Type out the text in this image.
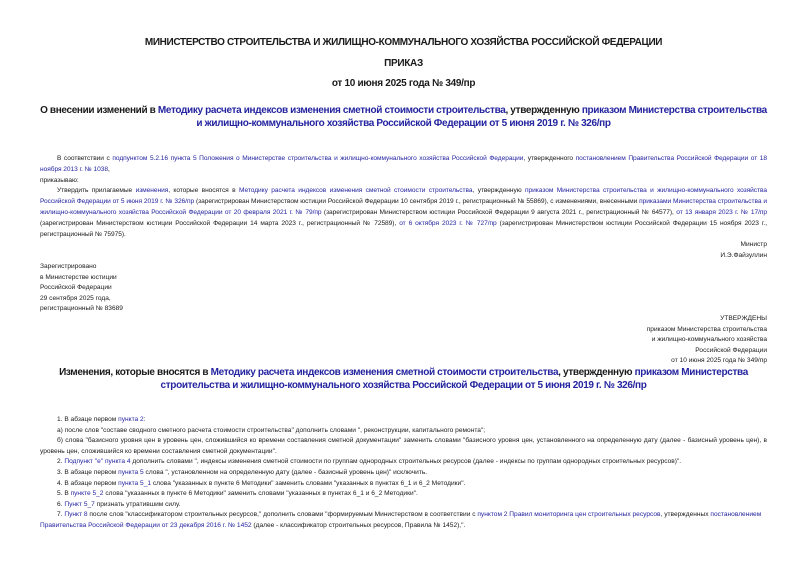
МИНИСТЕРСТВО СТРОИТЕЛЬСТВА И ЖИЛИЩНО-КОММУНАЛЬНОГО ХОЗЯЙСТВА РОССИЙСКОЙ ФЕДЕРАЦИИ
ПРИКАЗ
от 10 июня 2025 года № 349/пр
О внесении изменений в Методику расчета индексов изменения сметной стоимости строительства, утвержденную приказом Министерства строительства и жилищно-коммунального хозяйства Российской Федерации от 5 июня 2019 г. № 326/пр

В соответствии с подпунктом 5.2.16 пункта 5 Положения о Министерстве строительства и жилищно-коммунального хозяйства Российской Федерации, утвержденного постановлением Правительства Российской Федерации от 18 ноября 2013 г. № 1038,

приказываю:

Утвердить прилагаемые изменения, которые вносятся в Методику расчета индексов изменения сметной стоимости строительства, утвержденную приказом Министерства строительства и жилищно-коммунального хозяйства Российской Федерации от 5 июня 2019 г. № 326/пр (зарегистрирован Министерством юстиции Российской Федерации 10 сентября 2019 г., регистрационный № 55869), с изменениями, внесенными приказами Министерства строительства и жилищно-коммунального хозяйства Российской Федерации от 20 февраля 2021 г. № 79/пр (зарегистрирован Министерством юстиции Российской Федерации 9 августа 2021 г., регистрационный № 64577), от 13 января 2023 г. № 17/пр (зарегистрирован Министерством юстиции Российской Федерации 14 марта 2023 г., регистрационный № 72589), от 6 октября 2023 г. № 727/пр (зарегистрирован Министерством юстиции Российской Федерации 15 ноября 2023 г., регистрационный № 75975).

Министр
И.Э.Файзуллин
Зарегистрировано
в Министерстве юстиции
Российской Федерации
29 сентября 2025 года,
регистрационный № 83689
УТВЕРЖДЕНЫ
приказом Министерства строительства
и жилищно-коммунального хозяйства
Российской Федерации
от 10 июня 2025 года № 349/пр
Изменения, которые вносятся в Методику расчета индексов изменения сметной стоимости строительства, утвержденную приказом Министерства строительства и жилищно-коммунального хозяйства Российской Федерации от 5 июня 2019 г. № 326/пр

1. В абзаце первом пункта 2:

а) после слов "составе сводного сметного расчета стоимости строительства" дополнить словами ", реконструкции, капитального ремонта";

б) слова "базисного уровня цен в уровень цен, сложившийся ко времени составления сметной документации" заменить словами "базисного уровня цен, установленного на определенную дату (далее - базисный уровень цен), в уровень цен, сложившийся ко времени составления сметной документации".

2. Подпункт "е" пункта 4 дополнить словами ", индексы изменения сметной стоимости по группам однородных строительных ресурсов (далее - индексы по группам однородных строительных ресурсов)".

3. В абзаце первом пункта 5 слова ", установленном на определенную дату (далее - базисный уровень цен)" исключить.

4. В абзаце первом пункта 5_1 слова "указанных в пункте 6 Методики" заменить словами "указанных в пунктах 6_1 и 6_2 Методики".

5. В пункте 5_2 слова "указанных в пункте 6 Методики" заменить словами "указанных в пунктах 6_1 и 6_2 Методики".

6. Пункт 5_7 признать утратившим силу.

7. Пункт 8 после слов "классификатором строительных ресурсов," дополнить словами "формируемым Министерством в соответствии с пунктом 2 Правил мониторинга цен строительных ресурсов, утвержденных постановлением Правительства Российской Федерации от 23 декабря 2016 г. № 1452 (далее - классификатор строительных ресурсов, Правила № 1452),".
